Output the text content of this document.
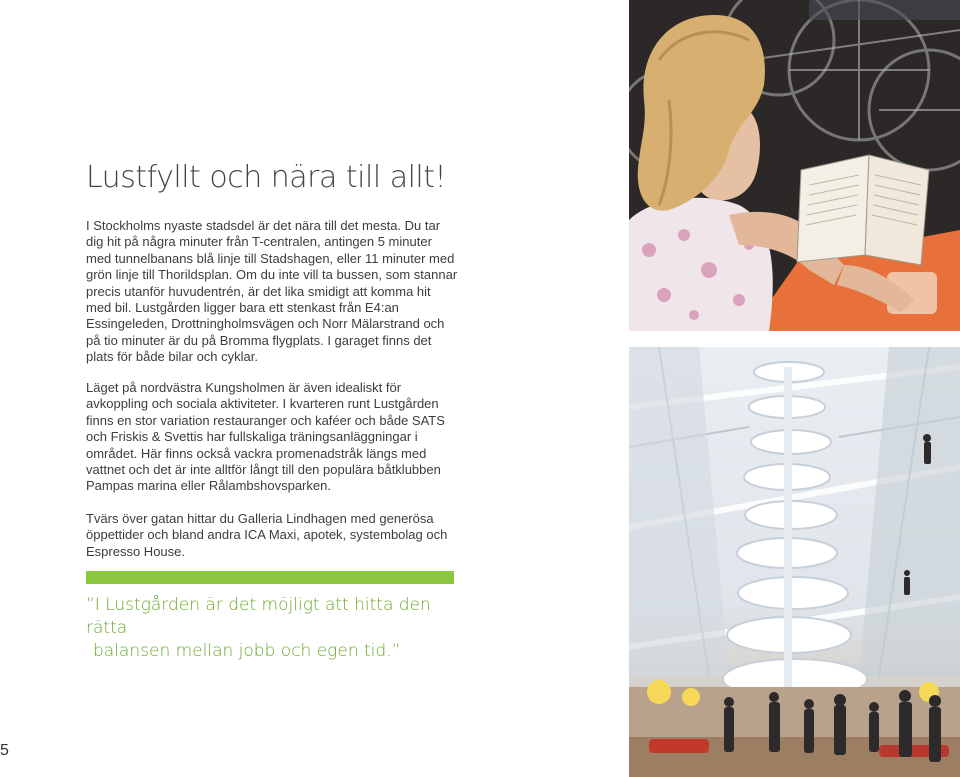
Lustfyllt och nära till allt!

I Stockholms nyaste stadsdel är det nära till det mesta. Du tar dig hit på några minuter från T-centralen, antingen 5 minuter med tunnelbanans blå linje till Stadshagen, eller 11 minuter med grön linje till Thorildsplan. Om du inte vill ta bussen, som stannar precis utanför huvudentrén, är det lika smidigt att komma hit med bil. Lustgården ligger bara ett stenkast från E4:an Essingeleden, Drottningholmsvägen och Norr Mälarstrand och på tio minuter är du på Bromma flygplats. I garaget finns det plats för både bilar och cyklar.

Läget på nordvästra Kungsholmen är även idealiskt för avkoppling och sociala aktiviteter. I kvarteren runt Lustgården finns en stor variation restauranger och kaféer och både SATS och Friskis & Svettis har fullskaliga träningsanläggningar i området. Här finns också vackra promenadstråk längs med vattnet och det är inte alltför långt till den populära båtklubben Pampas marina eller Rålambshovsparken.

Tvärs över gatan hittar du Galleria Lindhagen med generösa öppettider och bland andra ICA Maxi, apotek, systembolag och Espresso House.

”I Lustgården är det möjligt att hitta den rätta
balansen mellan jobb och egen tid.”
5
